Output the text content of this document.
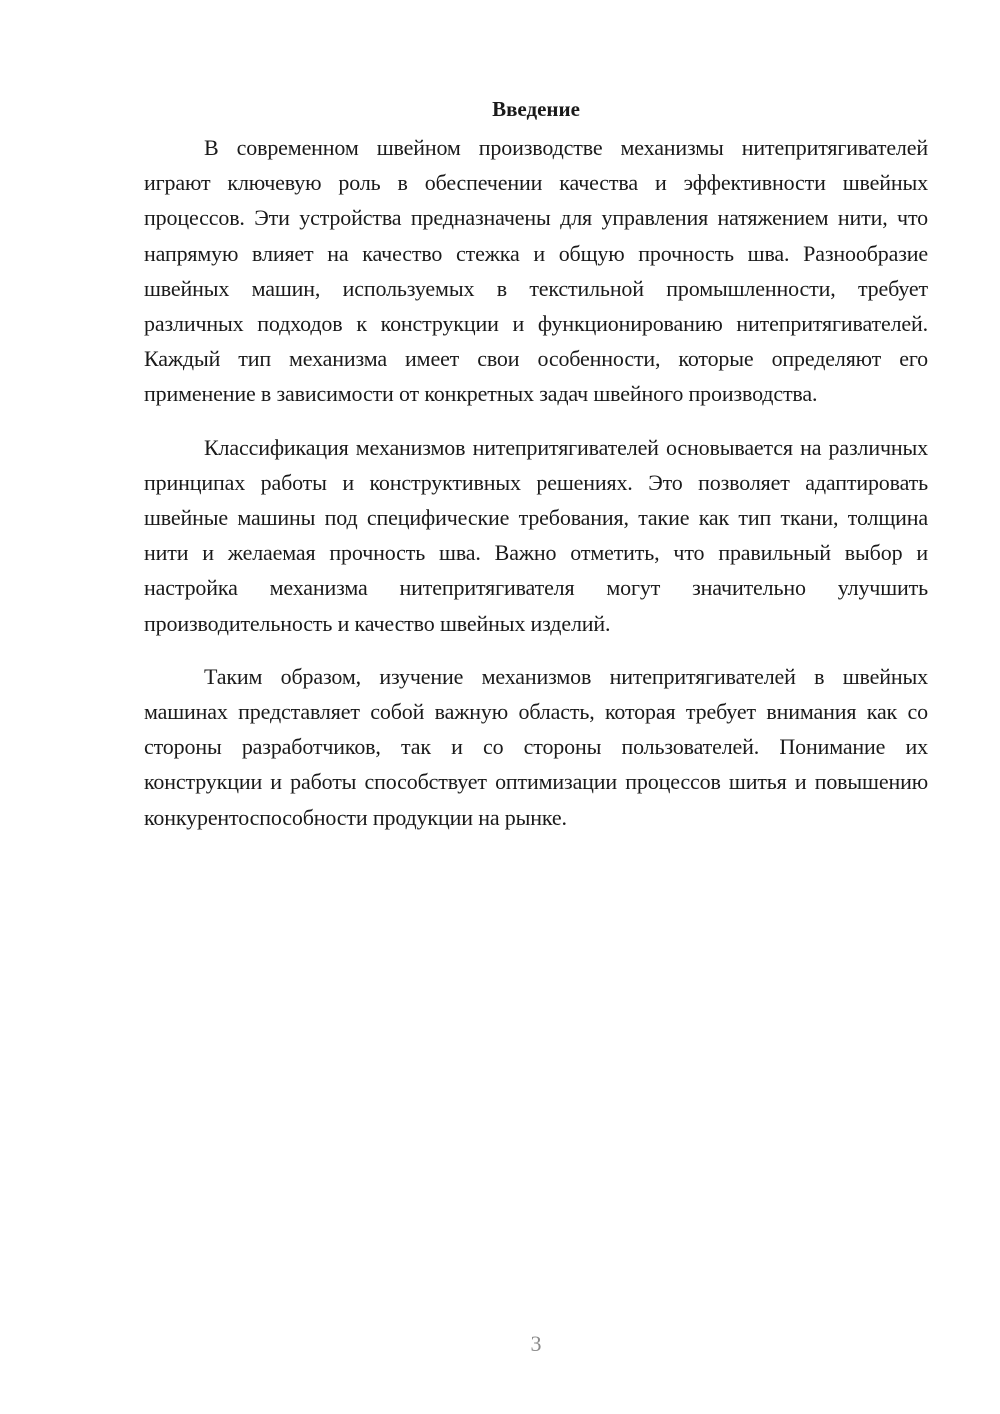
Введение

В современном швейном производстве механизмы нитепритягивателей играют ключевую роль в обеспечении качества и эффективности швейных процессов. Эти устройства предназначены для управления натяжением нити, что напрямую влияет на качество стежка и общую прочность шва. Разнообразие швейных машин, используемых в текстильной промышленности, требует различных подходов к конструкции и функционированию нитепритягивателей. Каждый тип механизма имеет свои особенности, которые определяют его применение в зависимости от конкретных задач швейного производства.

Классификация механизмов нитепритягивателей основывается на различных принципах работы и конструктивных решениях. Это позволяет адаптировать швейные машины под специфические требования, такие как тип ткани, толщина нити и желаемая прочность шва. Важно отметить, что правильный выбор и настройка механизма нитепритягивателя могут значительно улучшить производительность и качество швейных изделий.

Таким образом, изучение механизмов нитепритягивателей в швейных машинах представляет собой важную область, которая требует внимания как со стороны разработчиков, так и со стороны пользователей. Понимание их конструкции и работы способствует оптимизации процессов шитья и повышению конкурентоспособности продукции на рынке.

3
